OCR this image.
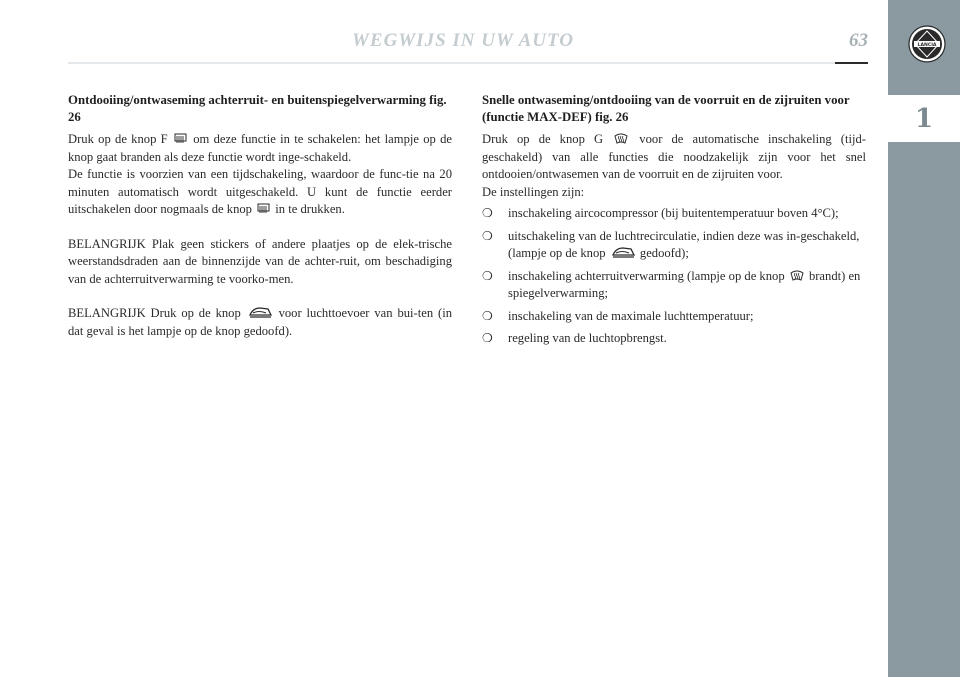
1
LANCIA
WEGWIJS IN UW AUTO	63
Ontdooiing/ontwaseming achterruit- en buitenspiegelverwarming fig. 26

Druk op de knop F om deze functie in te schakelen: het lampje op de knop gaat branden als deze functie wordt inge-schakeld.

De functie is voorzien van een tijdschakeling, waardoor de func-tie na 20 minuten automatisch wordt uitgeschakeld. U kunt de functie eerder uitschakelen door nogmaals de knop in te drukken.

BELANGRIJK Plak geen stickers of andere plaatjes op de elek-trische weerstandsdraden aan de binnenzijde van de achter-ruit, om beschadiging van de achterruitverwarming te voorko-men.

BELANGRIJK Druk op de knop	voor luchttoevoer van bui-ten (in dat geval is het lampje op de knop gedoofd).

Snelle ontwaseming/ontdooiing van de voorruit en de zijruiten voor (functie MAX-DEF) fig. 26

Druk op de knop G	voor de automatische inschakeling (tijd-geschakeld) van alle functies die noodzakelijk zijn voor het snel ontdooien/ontwasemen van de voorruit en de zijruiten voor.

De instellingen zijn:

❍ inschakeling aircocompressor (bij buitentemperatuur boven 4°C);
❍ uitschakeling van de luchtrecirculatie, indien deze was in-geschakeld, (lampje op de knop	gedoofd);
❍ inschakeling achterruitverwarming (lampje op de knop brandt) en spiegelverwarming;
❍ inschakeling van de maximale luchttemperatuur;
❍ regeling van de luchtopbrengst.
